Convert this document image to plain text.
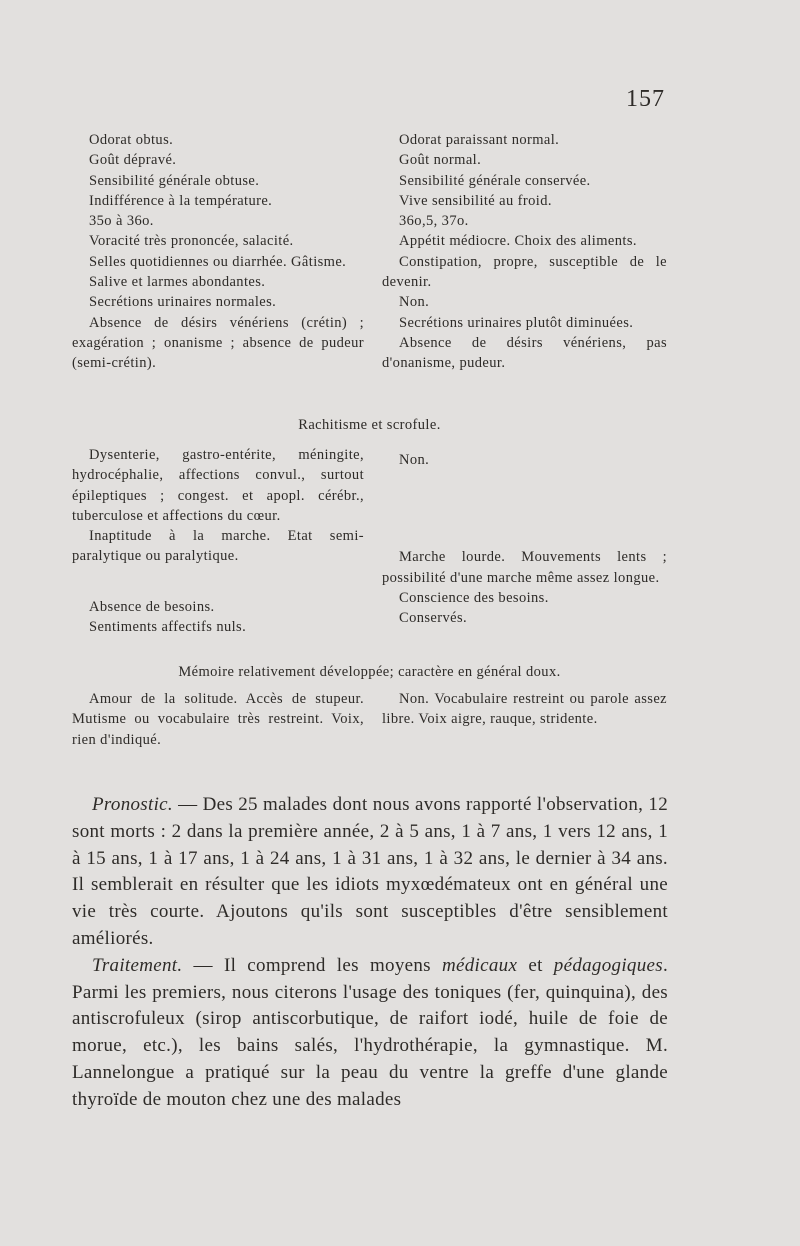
157

Odorat obtus.

Goût dépravé.

Sensibilité générale obtuse.

Indifférence à la température.

35o à 36o.

Voracité très prononcée, salacité.

Selles quotidiennes ou diarrhée. Gâtisme.

Salive et larmes abondantes.

Secrétions urinaires normales.

Absence de désirs vénériens (crétin) ; exagération ; onanisme ; absence de pudeur (semi-crétin).

Odorat paraissant normal.

Goût normal.

Sensibilité générale conservée.

Vive sensibilité au froid.

36o,5, 37o.

Appétit médiocre. Choix des aliments.

Constipation, propre, susceptible de le devenir.

Non.

Secrétions urinaires plutôt diminuées.

Absence de désirs vénériens, pas d'onanisme, pudeur.

Rachitisme et scrofule.

Dysenterie, gastro-entérite, méningite, hydrocéphalie, affections convul., surtout épileptiques ; congest. et apopl. cérébr., tuberculose et affections du cœur.

Inaptitude à la marche. Etat semi-paralytique ou paralytique.

Absence de besoins.

Sentiments affectifs nuls.

Non.

Marche lourde. Mouvements lents ; possibilité d'une marche même assez longue.

Conscience des besoins.

Conservés.

Mémoire relativement développée; caractère en général doux.

Amour de la solitude. Accès de stupeur. Mutisme ou vocabulaire très restreint. Voix, rien d'indiqué.

Non. Vocabulaire restreint ou parole assez libre. Voix aigre, rauque, stridente.

Pronostic. — Des 25 malades dont nous avons rapporté l'observation, 12 sont morts : 2 dans la première année, 2 à 5 ans, 1 à 7 ans, 1 vers 12 ans, 1 à 15 ans, 1 à 17 ans, 1 à 24 ans, 1 à 31 ans, 1 à 32 ans, le dernier à 34 ans. Il semblerait en résulter que les idiots myxœdémateux ont en général une vie très courte. Ajoutons qu'ils sont susceptibles d'être sensiblement améliorés.

Traitement. — Il comprend les moyens médicaux et pédagogiques. Parmi les premiers, nous citerons l'usage des toniques (fer, quinquina), des antiscrofuleux (sirop antiscorbutique, de raifort iodé, huile de foie de morue, etc.), les bains salés, l'hydrothérapie, la gymnastique. M. Lannelongue a pratiqué sur la peau du ventre la greffe d'une glande thyroïde de mouton chez une des malades
